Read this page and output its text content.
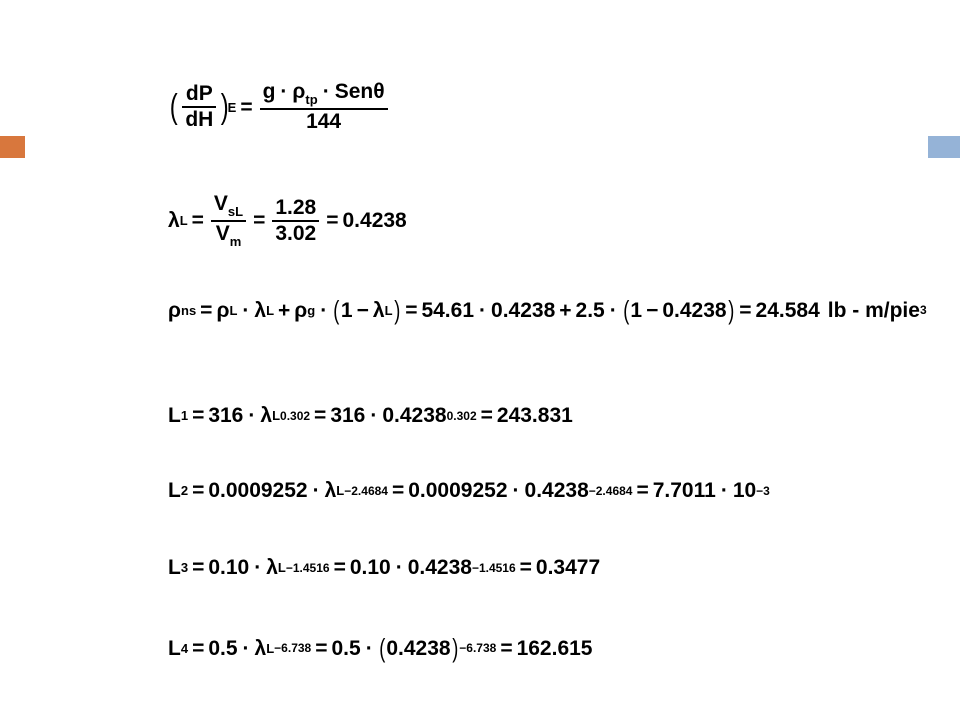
( $\frac{dP}{dH}$ )
$E = \frac{g \cdot \rho_{tp} \cdot Sen\theta}{144}$
λ $L = \frac{V_{sL}}{V_m} = \frac{1.28}{3.02} = 0.4238$
ρ ns = ρ L · λ L + ρ g · ( 1 − λ L ) = 54.61 · 0.4238 + 2.5 · ( 1 − 0.4238 ) = 24.584 lb - m/pie 3
L 1 = 316 · λ L 0.302 = 316 · 0.4238 0.302 = 243.831
L 2 = 0.0009252 · λ L −2.4684 = 0.0009252 · 0.4238 −2.4684 = 7.7011 · 10 −3
L 3 = 0.10 · λ L −1.4516 = 0.10 · 0.4238 −1.4516 = 0.3477
L 4 = 0.5 · λ L −6.738 = 0.5 · ( 0.4238 ) −6.738 = 162.615
